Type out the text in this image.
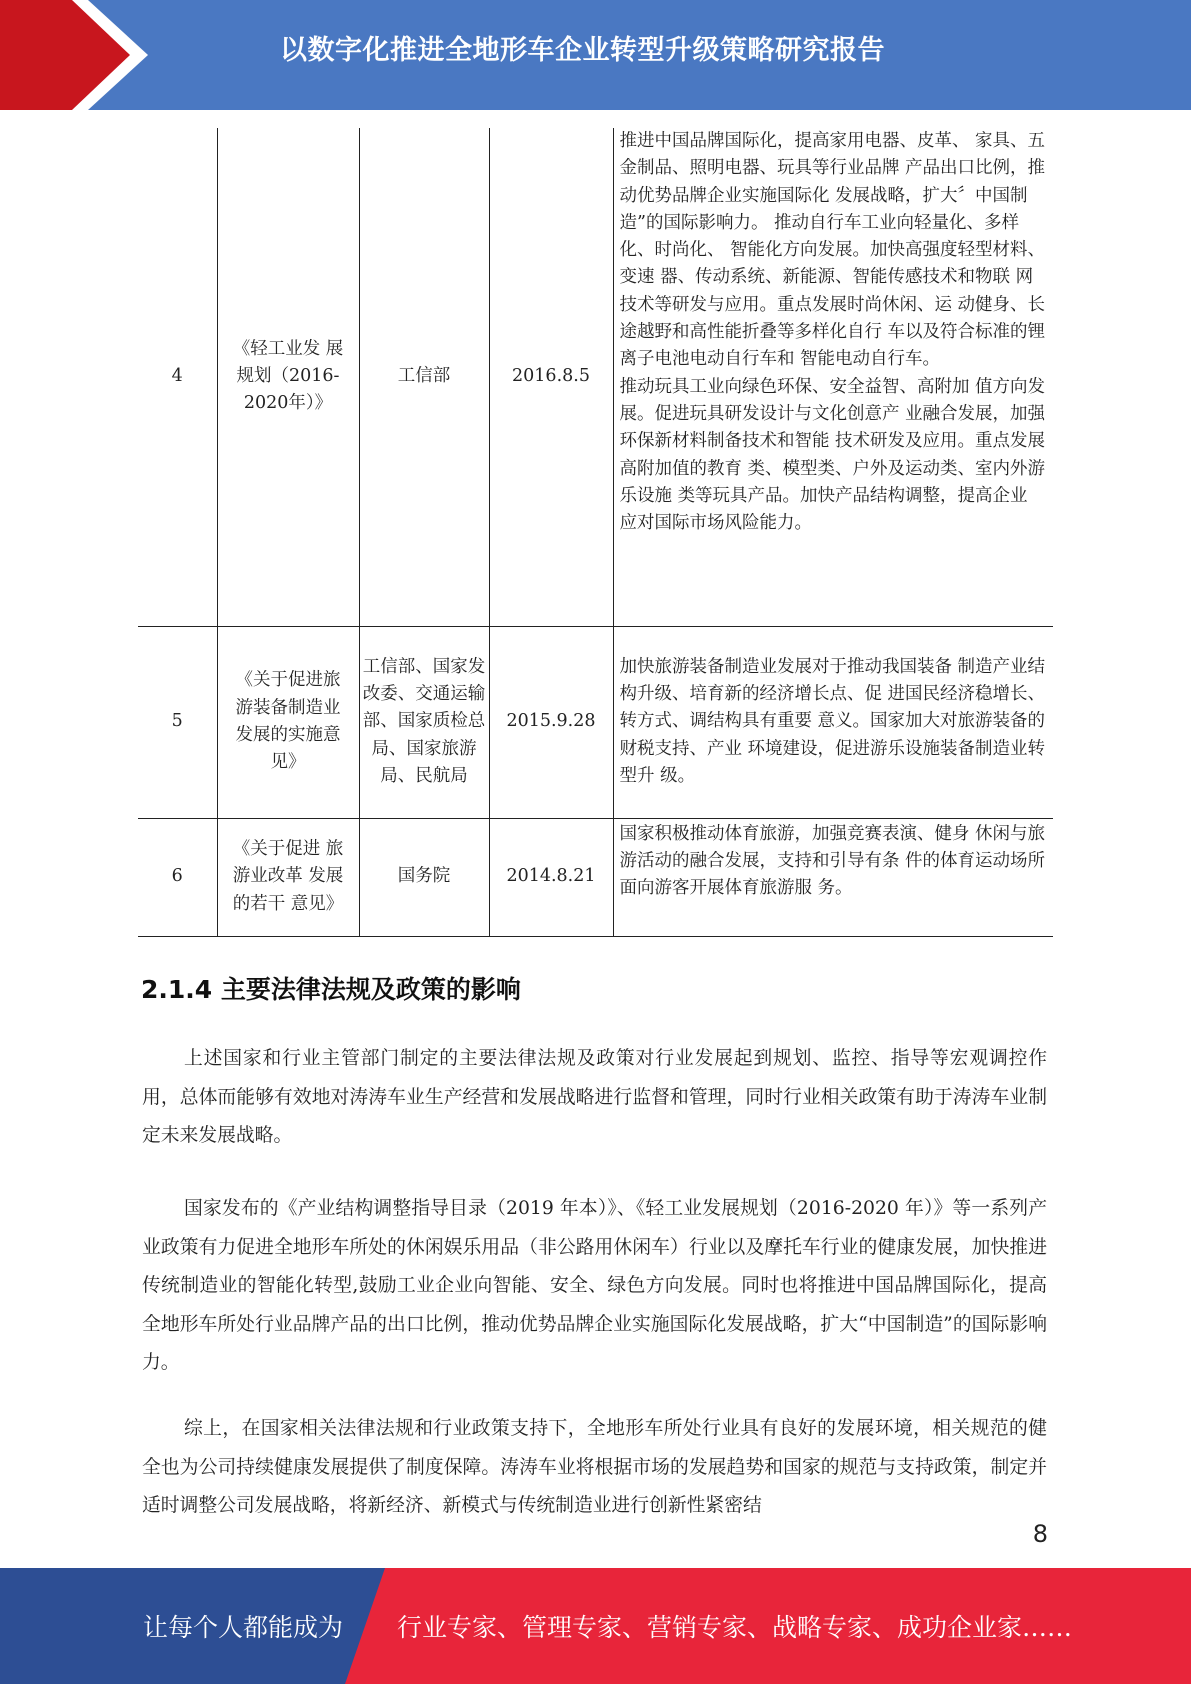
以数字化推进全地形车企业转型升级策略研究报告
4	《轻工业发 展规划（2016-2020年）》	工信部	2016.8.5	推进中国品牌国际化，提高家用电器、皮革、 家具、五金制品、照明电器、玩具等行业品牌 产品出口比例，推动优势品牌企业实施国际化 发展战略，扩大〞中国制造”的国际影响力。 推动自行车工业向轻量化、多样化、时尚化、 智能化方向发展。加快高强度轻型材料、变速 器、传动系统、新能源、智能传感技术和物联 网技术等研发与应用。重点发展时尚休闲、运 动健身、长途越野和高性能折叠等多样化自行 车以及符合标准的锂离子电池电动自行车和 智能电动自行车。
推动玩具工业向绿色环保、安全益智、高附加 值方向发展。促进玩具研发设计与文化创意产 业融合发展，加强环保新材料制备技术和智能 技术研发及应用。重点发展高附加值的教育 类、模型类、户外及运动类、室内外游乐设施 类等玩具产品。加快产品结构调整，提高企业 应对国际市场风险能力。

5	《关于促进旅游装备制造业发展的实施意见》	工信部、国家发改委、交通运输部、国家质检总局、国家旅游局、民航局	2015.9.28	加快旅游装备制造业发展对于推动我国装备 制造产业结构升级、培育新的经济增长点、促 进国民经济稳增长、转方式、调结构具有重要 意义。国家加大对旅游装备的财税支持、产业 环境建设，促进游乐设施装备制造业转型升 级。

6	《关于促进 旅游业改革 发展的若干 意见》	国务院	2014.8.21	国家积极推动体育旅游，加强竞赛表演、健身 休闲与旅游活动的融合发展，支持和引导有条 件的体育运动场所面向游客开展体育旅游服 务。
2.1.4 主要法律法规及政策的影响

上述国家和行业主管部门制定的主要法律法规及政策对行业发展起到规划、监控、指导等宏观调控作用，总体而能够有效地对涛涛车业生产经营和发展战略进行监督和管理，同时行业相关政策有助于涛涛车业制定未来发展战略。

国家发布的《产业结构调整指导目录（2019 年本）》、《轻工业发展规划（2016-2020 年）》等一系列产业政策有力促进全地形车所处的休闲娱乐用品（非公路用休闲车）行业以及摩托车行业的健康发展，加快推进传统制造业的智能化转型,鼓励工业企业向智能、安全、绿色方向发展。同时也将推进中国品牌国际化，提高全地形车所处行业品牌产品的出口比例，推动优势品牌企业实施国际化发展战略，扩大“中国制造”的国际影响力。

综上，在国家相关法律法规和行业政策支持下，全地形车所处行业具有良好的发展环境，相关规范的健全也为公司持续健康发展提供了制度保障。涛涛车业将根据市场的发展趋势和国家的规范与支持政策，制定并适时调整公司发展战略，将新经济、新模式与传统制造业进行创新性紧密结

8
让每个人都能成为 行业专家、管理专家、营销专家、战略专家、成功企业家……
